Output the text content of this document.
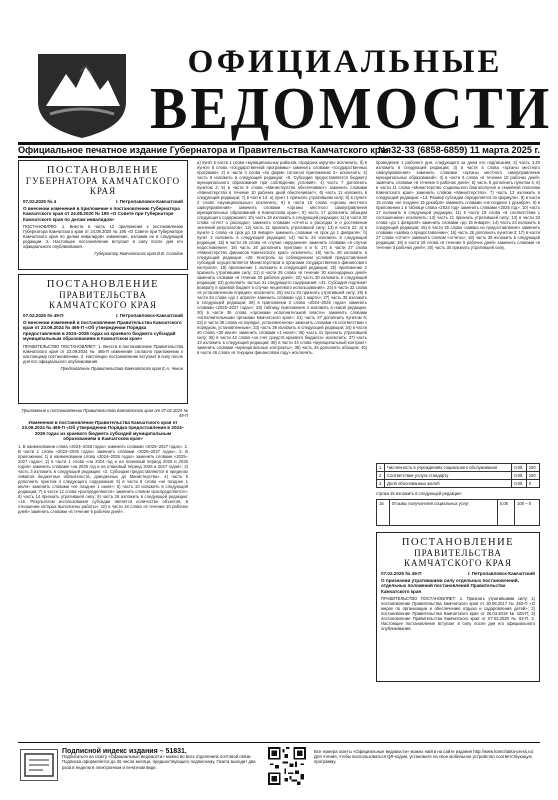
ОФИЦИАЛЬНЫЕ
ВЕДОМОСТИ
Официальное печатное издание Губернатора и Правительства Камчатского края
№ 32-33 (6858-6859) 11 марта 2025 г.
ПОСТАНОВЛЕНИЕ
ГУБЕРНАТОРА КАМЧАТСКОГО КРАЯ
07.02.2025 № 4	г. Петропавловск-Камчатский
О внесении изменения в приложение к постановлению Губернатора Камчатского края от 24.08.2020 № 195 «О Совете при Губернаторе Камчатского края по делам инвалидов»
ПОСТАНОВЛЯЮ: 1. Внести в часть 12 приложения к постановлению Губернатора Камчатского края от 24.08.2020 № 195 «О Совете при Губернаторе Камчатского края по делам инвалидов» изменение, изложив ее в следующей редакции. 2. Настоящее постановление вступает в силу после дня его официального опубликования.
Губернатор Камчатского края В.В. Солодов
ПОСТАНОВЛЕНИЕ
ПРАВИТЕЛЬСТВА
КАМЧАТСКОГО КРАЯ
07.02.2025 № 49-П	г. Петропавловск-Камчатский
О внесении изменений в постановление Правительства Камчатского края от 23.09.2024 № 465-П «Об утверждении Порядка предоставления в 2024–2026 годах из краевого бюджета субсидий муниципальным образованиям в Камчатском крае»
ПРАВИТЕЛЬСТВО ПОСТАНОВЛЯЕТ: 1. Внести в постановление Правительства Камчатского края от 23.09.2024 № 465-П изменения согласно приложению к настоящему постановлению. 2. Настоящее постановление вступает в силу после дня его официального опубликования.
Председатель Правительства Камчатского края Е.А. Чекин
Приложение к постановлению Правительства Камчатского края от 07.02.2025 № 49-П
Изменения в постановление Правительства Камчатского края от 23.09.2024 № 465-П «Об утверждении Порядка предоставления в 2024–2026 годах из краевого бюджета субсидий муниципальным образованиям в Камчатском крае»
1. В наименовании слова «2024–2026 годах» заменить словами «2025–2027 годах». 2. В части 1 слова «2024–2026 годах» заменить словами «2025–2027 годах». 3. В приложении: 1) в наименовании слова «2024–2026 годах» заменить словами «2025–2027 годах»; 2) в части 1 слова «на 2024 год и на плановый период 2025 и 2026 годов» заменить словами «на 2025 год и на плановый период 2026 и 2027 годов»; 3) часть 3 изложить в следующей редакции: «3. Субсидии предоставляются в пределах лимитов бюджетных обязательств, доведенных до Министерства». 4) часть 5 дополнить пунктом 4 следующего содержания; 5) в части 8 слова «не позднее 1 июля» заменить словами «не позднее 1 июня»; 6) часть 10 изложить в следующей редакции; 7) в части 12 слова «распределяются» заменить словом «распределяется»; 8) часть 14 признать утратившей силу; 9) часть 16 изложить в следующей редакции: «16. Результатом использования субсидии является количество объектов, в отношении которых выполнены работы». 10) в части 18 слова «в течение 10 рабочих дней» заменить словами «в течение 5 рабочих дней».
а) пункт 5 части 1 слова «муниципальных районов, городских округов» исключить; б) в пункте 6 слова «государственной программы» заменить словами «государственных программ»; 2) в части 4 слова «по форме согласно приложению 2» исключить; 3) часть 6 изложить в следующей редакции: «6. Субсидия предоставляется бюджету муниципального образования при соблюдении условий». 4) часть 7 дополнить пунктом 3; 5) в части 9 слова «Министерство обеспечивает» заменить словами «Министерство в течение 10 рабочих дней обеспечивает»; 6) часть 11 изложить в следующей редакции; 7) в части 13: а) пункт 1 признать утратившим силу; б) в пункте 2 слово «муниципальных» исключить; 8) в части 15 слова «органы местного самоуправления» заменить словами «органы местного самоуправления муниципальных образований в Камчатском крае»; 9) часть 17 дополнить абзацем следующего содержания; 10) часть 19 изложить в следующей редакции; 11) в части 20 слова «отчет о расходах» заменить словами «отчеты о расходах и о достижении значений результатов»; 12) часть 21 признать утратившей силу; 13) в части 22: а) в пункте 1 слова «в срок до 15 января» заменить словами «в срок до 1 февраля»; б) пункт 3 изложить в следующей редакции; 14) часть 24 изложить в следующей редакции; 15) в части 25 слова «в случае нарушения» заменить словами «в случае недостижения»; 16) часть 26 дополнить пунктами 4 и 5; 17) в части 27 слова «Министерство финансов Камчатского края» исключить; 18) часть 28 изложить в следующей редакции: «28. Контроль за соблюдением условий предоставления субсидий осуществляется Министерством и органами государственного финансового контроля». 19) приложение 1 изложить в следующей редакции; 20) приложение 2 признать утратившим силу; 21) в части 29 слова «в течение 30 календарных дней» заменить словами «в течение 20 рабочих дней»; 22) часть 30 изложить в следующей редакции; 23) дополнить частью 31 следующего содержания: «31. Субсидия подлежит возврату в краевой бюджет в случае нецелевого использования». 24) в части 32 слова «в установленном порядке» исключить; 25) часть 33 признать утратившей силу; 26) в части 34 слова «до 1 апреля» заменить словами «до 1 марта»; 27) часть 35 изложить в следующей редакции; 28) в приложении 3 слова «2024–2026 годах» заменить словами «2025–2027 годах»; 29) таблицу приложения 4 изложить в новой редакции. 30) в части 36 слова «органами исполнительной власти» заменить словами «исполнительными органами Камчатского края»; 31) часть 37 дополнить пунктом 6; 32) в части 38 слова «в порядке, установленном» заменить словами «в соответствии с порядком, установленным»; 33) часть 39 изложить в следующей редакции; 34) в части 40 слова «30 июня» заменить словами «1 июля»; 35) часть 41 признать утратившей силу; 36) в части 42 слова «за счет средств краевого бюджета» исключить; 37) часть 43 изложить в следующей редакции; 38) в части 44 слова «муниципальный контракт» заменить словами «муниципальные контракты»; 39) часть 45 дополнить абзацем; 40) в части 46 слова «в текущем финансовом году» исключить.
проведение 1 рабочего дня, следующего за днем его подписания; 2) часть 3.20 изложить в следующей редакции; 3) в части 4 слова «органы местного самоуправления» заменить словами «органы местного самоуправления муниципальных образований»; 4) в части 6 слова «в течение 10 рабочих дней» заменить словами «в течение 5 рабочих дней»; 5) часть 8 дополнить пунктом 4; 6) в части 11 слова «Министерство социального благополучия и семейной политики Камчатского края» заменить словом «Министерство»; 7) часть 13 изложить в следующей редакции: «13. Размер субсидии определяется по формуле». 8) в части 15 слова «не позднее 15 декабря» заменить словами «не позднее 1 декабря»; 9) в приложении 1 в таблице слова «2024 год» заменить словами «2025 год». 10) часть 17 изложить в следующей редакции; 11) в части 19 слова «в соответствии с соглашением» исключить; 12) часть 21 признать утратившей силу; 13) в части 23 слова «до 1 февраля» заменить словами «до 15 января»; 14) часть 24 изложить в следующей редакции; 15) в части 25 слова «заявка на предоставление» заменить словами «заявка о предоставлении»; 16) часть 26 дополнить пунктом 3; 17) в части 27 слова «отчет» заменить словом «отчеты»; 18) часть 28 изложить в следующей редакции; 19) в части 29 слова «в течение 5 рабочих дней» заменить словами «в течение 3 рабочих дней»; 20) часть 30 признать утратившей силу.
1	Численность в учреждениях социального обслуживания	0,05	100
2	Соответствие услуги стандарту	0,05	100
3	Доля обоснованных жалоб	0,05	0
строка 15 изложить в следующей редакции:
15	Отзывы получателей социальных услуг	0,05	100 – 0
ПОСТАНОВЛЕНИЕ
ПРАВИТЕЛЬСТВА
КАМЧАТСКОГО КРАЯ
07.02.2025 № 49-П	г. Петропавловск-Камчатский
О признании утратившими силу отдельных постановлений, отдельных положений постановлений Правительства Камчатского края
ПРАВИТЕЛЬСТВО ПОСТАНОВЛЯЕТ: 1. Признать утратившими силу: 1) постановление Правительства Камчатского края от 30.06.2017 № 263-П «О мерах по организации и обеспечению отдыха и оздоровления детей»; 2) постановление Правительства Камчатского края от 26.04.2019 № 183-П; 3) постановление Правительства Камчатского края от 07.03.2020 № 82-П. 2. Настоящее постановление вступает в силу после дня его официального опубликования.
Подписной индекс издания – 51831.
Подписаться на газету «Официальные ведомости» можно во всех отделениях почтовой связи. Подписка оформляется до 26 числа месяца, предшествующего подписному. Газета выходит два раза в неделю в электронном и печатном виде.
Все номера газеты «Официальные ведомости» можно найти на сайте издания http://www.kamchatka-press.ru/. Для чтения, чтобы воспользоваться QR-кодом, установите на свое мобильное устройство соответствующую программу.
